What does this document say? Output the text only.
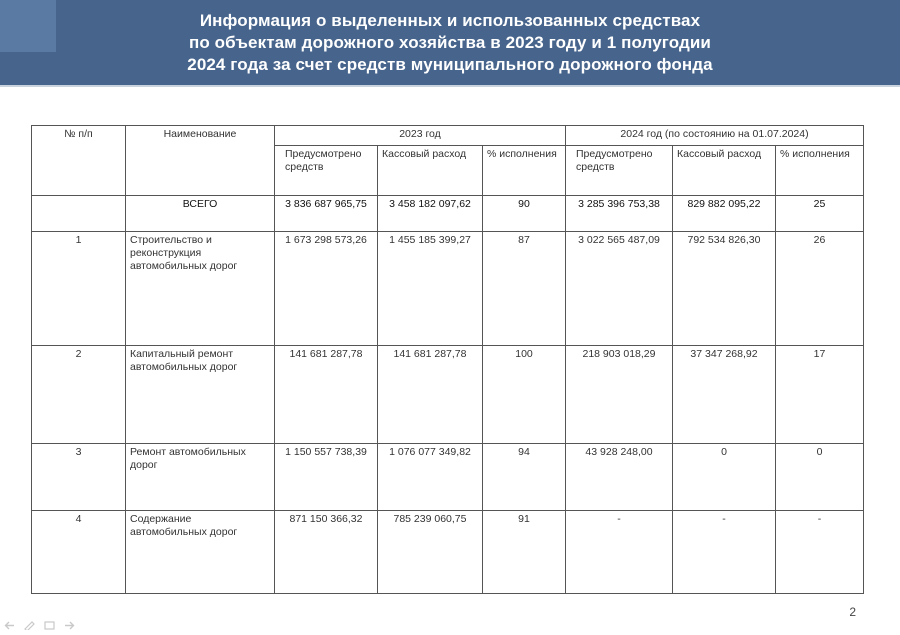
Информация о выделенных и использованных средствах
по объектам дорожного хозяйства в 2023 году и 1 полугодии
2024 года за счет средств муниципального дорожного фонда
№ п/п	Наименование	2023 год			2024 год (по состоянию на 01.07.2024)		
		Предусмотрено средств	Кассовый расход	% исполнения	Предусмотрено средств	Кассовый расход	% исполнения
	ВСЕГО	3 836 687 965,75	3 458 182 097,62	90	3 285 396 753,38	829 882 095,22	25
1	Строительство и реконструкция автомобильных дорог	1 673 298 573,26	1 455 185 399,27	87	3 022 565 487,09	792 534 826,30	26
2	Капитальный ремонт автомобильных дорог	141 681 287,78	141 681 287,78	100	218 903 018,29	37 347 268,92	17
3	Ремонт автомобильных дорог	1 150 557 738,39	1 076 077 349,82	94	43 928 248,00	0	0
4	Содержание автомобильных дорог	871 150 366,32	785 239 060,75	91	-	-	-
2
